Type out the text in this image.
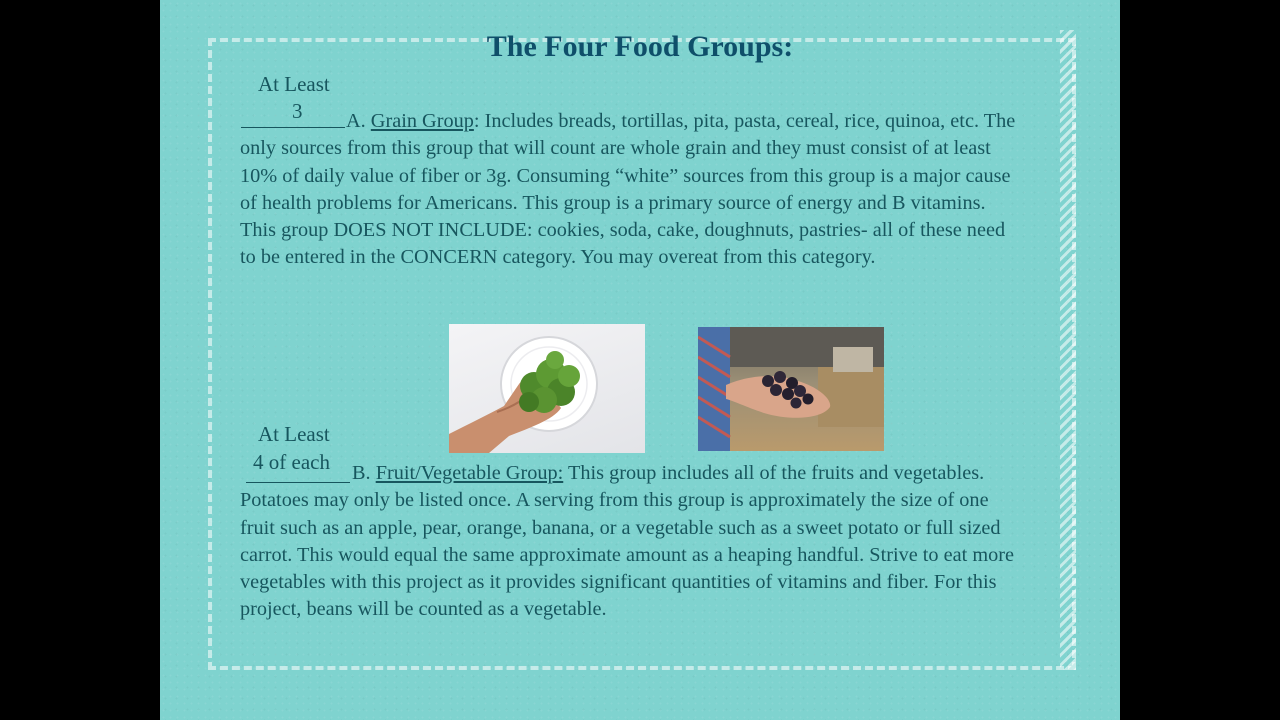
The Four Food Groups:
At Least
3	A. Grain Group: Includes breads, tortillas, pita, pasta, cereal, rice, quinoa, etc. The only sources from this group that will count are whole grain and they must consist of at least 10% of daily value of fiber or 3g. Consuming “white” sources from this group is a major cause of health problems for Americans. This group is a primary source of energy and B vitamins. This group DOES NOT INCLUDE: cookies, soda, cake, doughnuts, pastries- all of these need to be entered in the CONCERN category. You may overeat from this category.
At Least
4 of each	B. Fruit/Vegetable Group: This group includes all of the fruits and vegetables. Potatoes may only be listed once. A serving from this group is approximately the size of one fruit such as an apple, pear, orange, banana, or a vegetable such as a sweet potato or full sized carrot. This would equal the same approximate amount as a heaping handful. Strive to eat more vegetables with this project as it provides significant quantities of vitamins and fiber. For this project, beans will be counted as a vegetable.
